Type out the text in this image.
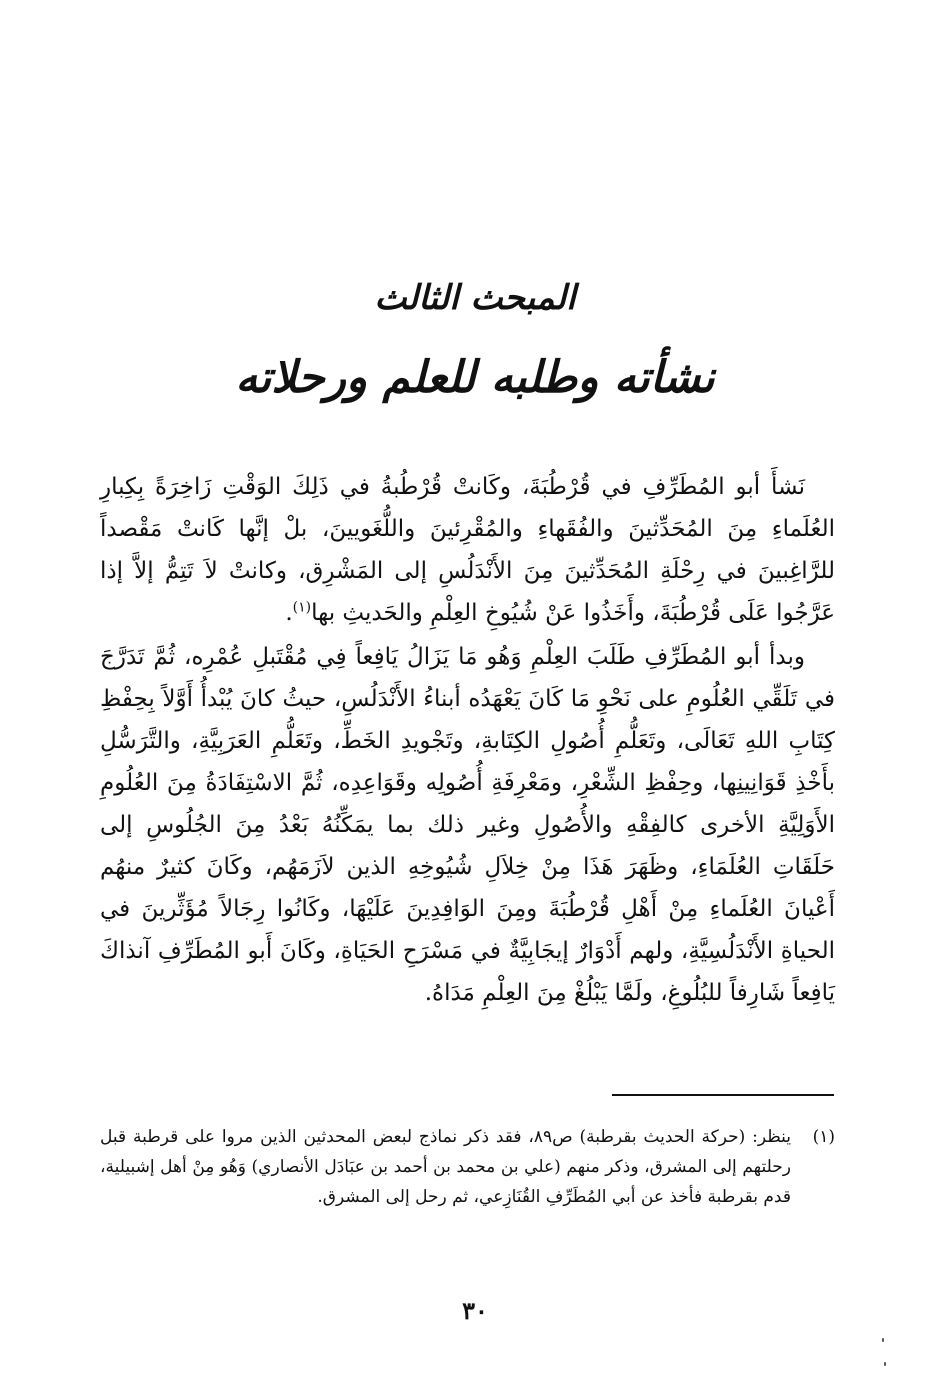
المبحث الثالث
نشأته وطلبه للعلم ورحلاته

نَشأَ أبو المُطَرِّفِ في قُرْطُبَةَ، وكَانتْ قُرْطُبةُ في ذَلِكَ الوَقْتِ زَاخِرَةً بِكِبارِ العُلَماءِ مِنَ المُحَدِّثينَ والفُقَهاءِ والمُقْرِئينَ واللُّغَويينَ، بلْ إنَّها كَانتْ مَقْصداً للرَّاغِبينَ في رِحْلَةِ المُحَدِّثينَ مِنَ الأَنْدَلُسِ إلى المَشْرِق، وكانتْ لاَ تَتِمُّ إلاَّ إذا عَرَّجُوا عَلَى قُرْطُبَةَ، وأَخَذُوا عَنْ شُيُوخِ العِلْمِ والحَديثِ بها$^{(١)}$.

وبدأ أبو المُطَرِّفِ طَلَبَ العِلْمِ وَهُو مَا يَزَالُ يَافِعاً فِي مُقْتَبلِ عُمْرِه، ثُمَّ تَدَرَّجَ في تَلَقِّي العُلُومِ على نَحْوِ مَا كَانَ يَعْهَدُه أبناءُ الأَنْدَلُسِ، حيثُ كانَ يُبْدأُ أَوَّلاً بِحِفْظِ كِتَابِ اللهِ تَعَالَى، وتَعَلُّمِ أُصُولِ الكِتَابةِ، وتَجْويدِ الخَطِّ، وتَعَلُّمِ العَرَبِيَّةِ، والتَّرَسُّلِ بأَخْذِ قَوَانِينِها، وحِفْظِ الشِّعْرِ، ومَعْرِفَةِ أُصُولِه وقَوَاعِدِه، ثُمَّ الاسْتِفَادَةُ مِنَ العُلُومِ الأَوَلِيَّةِ الأخرى كالفِقْهِ والأُصُولِ وغير ذلك بما يمَكِّنُهُ بَعْدُ مِنَ الجُلُوسِ إلى حَلَقَاتِ العُلَمَاءِ، وظَهَرَ هَذَا مِنْ خِلاَلِ شُيُوخِهِ الذين لاَزَمَهُم، وكَانَ كثيرٌ منهُم أَعْيانَ العُلَماءِ مِنْ أَهْلِ قُرْطُبَةَ ومِنَ الوَافِدِينَ عَلَيْهَا، وكَانُوا رِجَالاً مُؤَثِّرينَ في الحياةِ الأَنْدَلُسِيَّةِ، ولهم أَدْوَارٌ إيجَابِيَّةٌ في مَسْرَحِ الحَيَاةِ، وكَانَ أَبو المُطَرِّفِ آنذاكَ يَافِعاً شَارِفاً للبُلُوغِ، ولَمَّا يَبْلُغْ مِنَ العِلْمِ مَدَاهُ.

(١)
ينظر: (حركة الحديث بقرطبة) ص٨٩، فقد ذكر نماذج لبعض المحدثين الذين مروا على قرطبة قبل رحلتهم إلى المشرق، وذكر منهم (علي بن محمد بن أحمد بن عبَادَل الأنصاري) وَهُو مِنْ أهل إشبيلية، قدم بقرطبة فأخذ عن أبي المُطَرِّفِ القُنَازِعي، ثم رحل إلى المشرق.
٣٠
